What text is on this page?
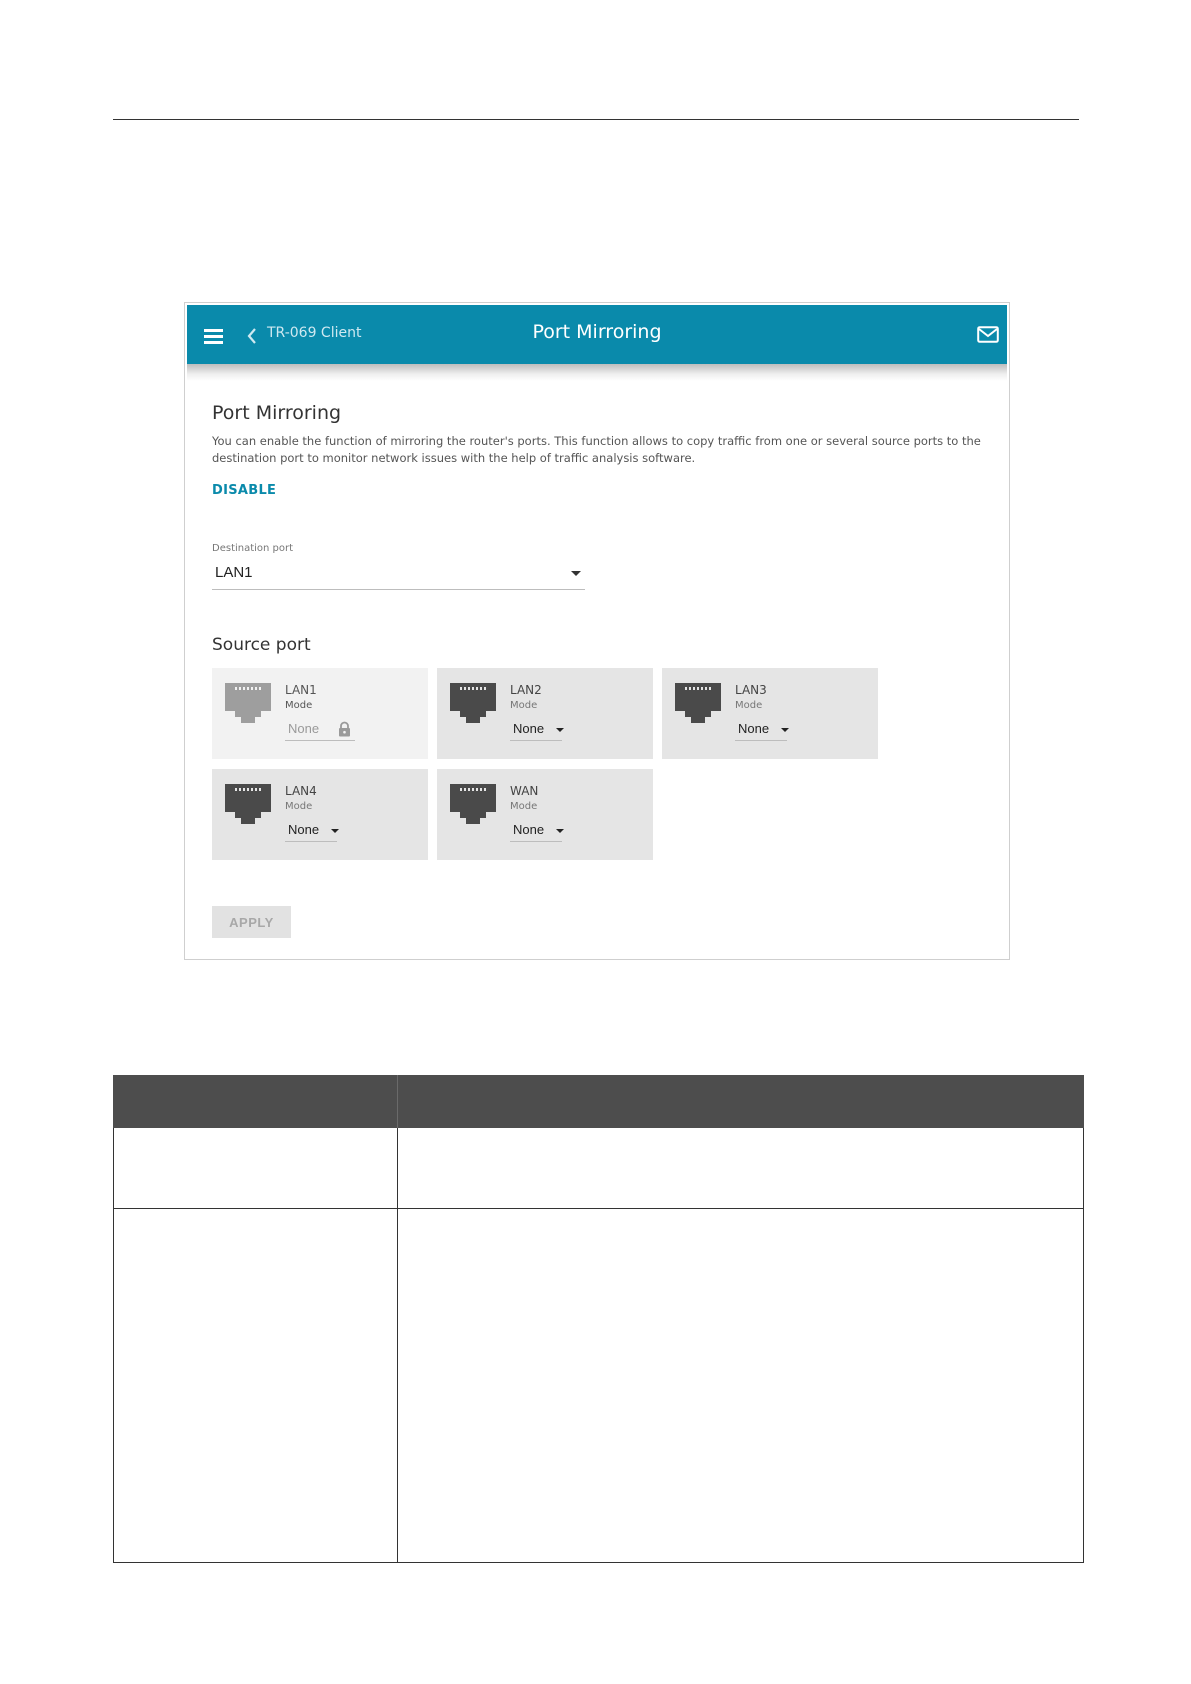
TR-069 Client	Port Mirroring
Port Mirroring
You can enable the function of mirroring the router's ports. This function allows to copy traffic from one or several source ports to the destination port to monitor network issues with the help of traffic analysis software.
DISABLE
Destination port
LAN1
Source port
LAN1
Mode
None
LAN2
Mode
None
LAN3
Mode
None
LAN4
Mode
None
WAN
Mode
None
APPLY
